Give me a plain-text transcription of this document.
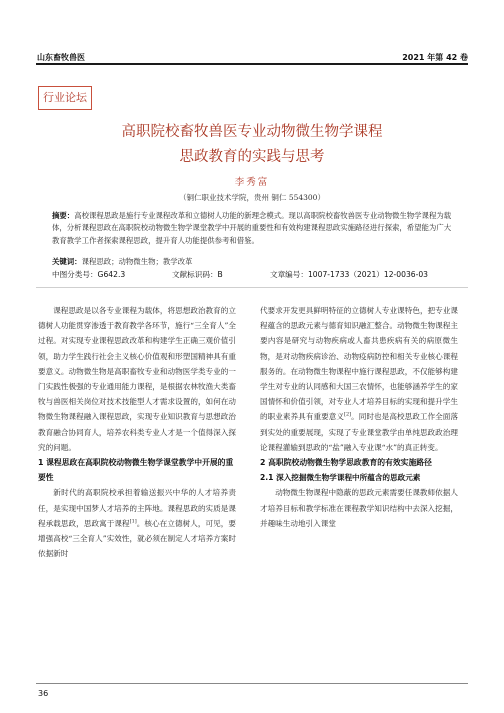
山东畜牧兽医	2021 年第 42 卷
行业论坛
高职院校畜牧兽医专业动物微生物学课程
思政教育的实践与思考
李秀富
（铜仁职业技术学院，贵州 铜仁 554300）
摘要：高校课程思政是施行专业课程改革和立德树人功能的新理念模式。现以高职院校畜牧兽医专业动物微生物学课程为载体，分析课程思政在高职院校动物微生物学课堂教学中开展的重要性和有效构建课程思政实施路径进行探索，希望能为广大教育教学工作者探索课程思政，提升育人功能提供参考和借鉴。
关键词：课程思政；动物微生物；教学改革
中图分类号：G642.3	文献标识码：B	文章编号：1007-1733（2021）12-0036-03

课程思政是以各专业课程为载体，将思想政治教育的立德树人功能贯穿渗透于教育教学各环节，施行“三全育人”全过程。对实现专业课程思政改革和构建学生正确三观价值引领，助力学生践行社会主义核心价值观和形塑国精神具有重要意义。动物微生物是高职畜牧专业和动物医学类专业的一门实践性极强的专业通用能力课程，是根据农林牧渔大类畜牧与兽医相关岗位对技术技能型人才需求设置的，如何在动物微生物课程融入课程思政，实现专业知识教育与思想政治教育融合协同育人，培养农科类专业人才是一个值得深入探究的问题。

1 课程思政在高职院校动物微生物学课堂教学中开展的重要性

新时代的高职院校承担着输送振兴中华的人才培养责任，是实现中国梦人才培养的主阵地。课程思政的实质是课程承载思政，思政寓于课程[1]。核心在立德树人，可见，要增强高校“三全育人”实效性，就必须在制定人才培养方案时依据新时

代要求开发更具鲜明特征的立德树人专业课特色，把专业课程蕴含的思政元素与德育知识融汇整合。动物微生物课程主要内容是研究与动物疾病或人畜共患疾病有关的病原微生物，是对动物疾病诊治、动物疫病防控和相关专业核心课程服务的。在动物微生物课程中施行课程思政，不仅能够构建学生对专业的认同感和大国三农情怀，也能够涵养学生的家国情怀和价值引领，对专业人才培养目标的实现和提升学生的职业素养具有重要意义[2]。同时也是高校思政工作全面落到实处的重要展现，实现了专业课堂教学由单纯思政政治理论课程灌输到思政的“盐”融入专业课“水”的真正转变。

2 高职院校动物微生物学思政教育的有效实施路径
2.1 深入挖掘微生物学课程中所蕴含的思政元素

动物微生物课程中隐蔽的思政元素需要任课教师依据人才培养目标和教学标准在课程教学知识结构中去深入挖掘，并趣味生动地引入课堂

36
